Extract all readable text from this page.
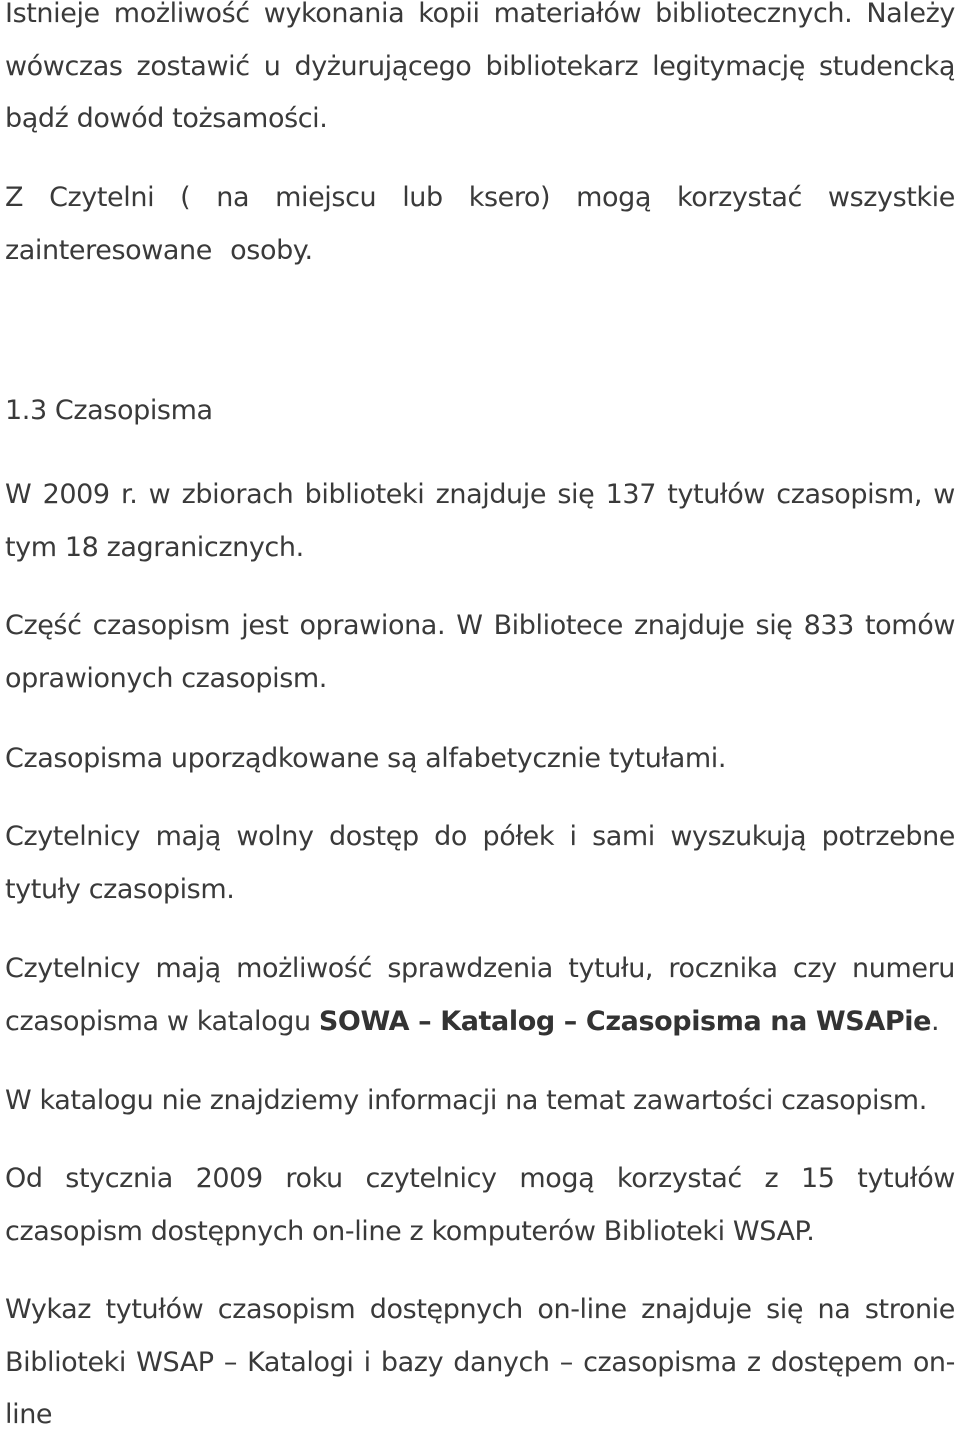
Istnieje możliwość wykonania kopii materiałów bibliotecznych. Należy wówczas zostawić u dyżurującego bibliotekarz legitymację studencką bądź dowód tożsamości.

Z Czytelni ( na miejscu lub ksero) mogą korzystać wszystkie zainteresowane osoby.

1.3 Czasopisma

W 2009 r. w zbiorach biblioteki znajduje się 137 tytułów czasopism, w tym 18 zagranicznych.

Część czasopism jest oprawiona. W Bibliotece znajduje się 833 tomów oprawionych czasopism.

Czasopisma uporządkowane są alfabetycznie tytułami.

Czytelnicy mają wolny dostęp do półek i sami wyszukują potrzebne tytuły czasopism.

Czytelnicy mają możliwość sprawdzenia tytułu, rocznika czy numeru czasopisma w katalogu SOWA – Katalog – Czasopisma na WSAPie.

W katalogu nie znajdziemy informacji na temat zawartości czasopism.

Od stycznia 2009 roku czytelnicy mogą korzystać z 15 tytułów czasopism dostępnych on-line z komputerów Biblioteki WSAP.

Wykaz tytułów czasopism dostępnych on-line znajduje się na stronie Biblioteki WSAP – Katalogi i bazy danych – czasopisma z dostępem on-line
